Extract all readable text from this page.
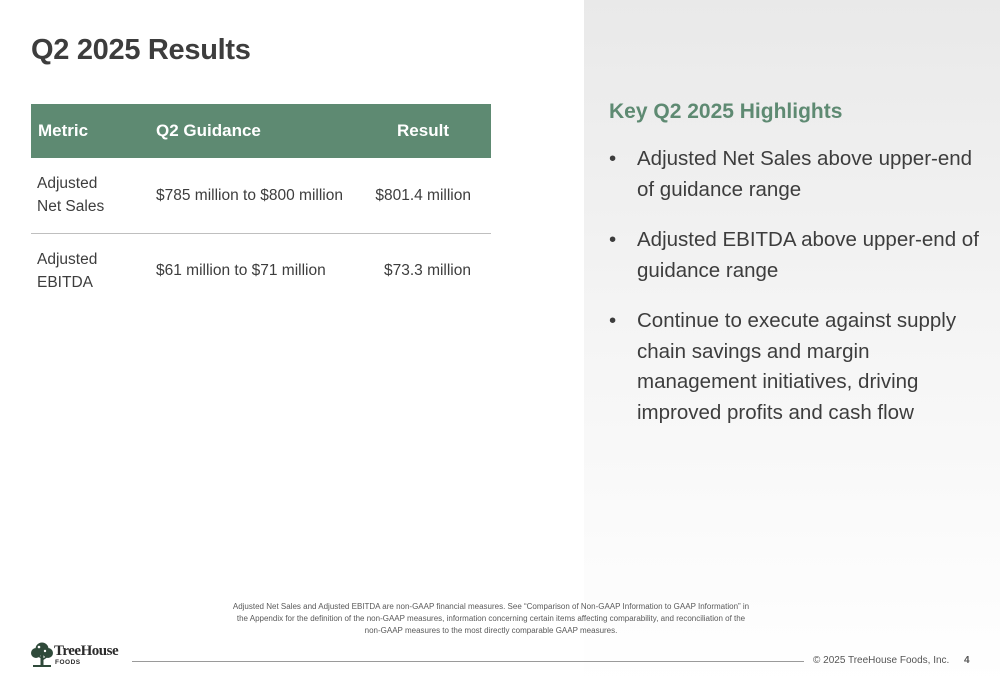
Q2 2025 Results
Metric	Q2 Guidance	Result

Adjusted
Net Sales	$785 million to $800 million	$801.4 million

Adjusted
EBITDA	$61 million to $71 million	$73.3 million
Key Q2 2025 Highlights
• Adjusted Net Sales above upper-end of guidance range
• Adjusted EBITDA above upper-end of guidance range
• Continue to execute against supply chain savings and margin management initiatives, driving improved profits and cash flow

Adjusted Net Sales and Adjusted EBITDA are non-GAAP financial measures. See “Comparison of Non-GAAP Information to GAAP Information” in the Appendix for the definition of the non-GAAP measures, information concerning certain items affecting comparability, and reconciliation of the non-GAAP measures to the most directly comparable GAAP measures.

TreeHouse
FOODS	© 2025 TreeHouse Foods, Inc. 4
